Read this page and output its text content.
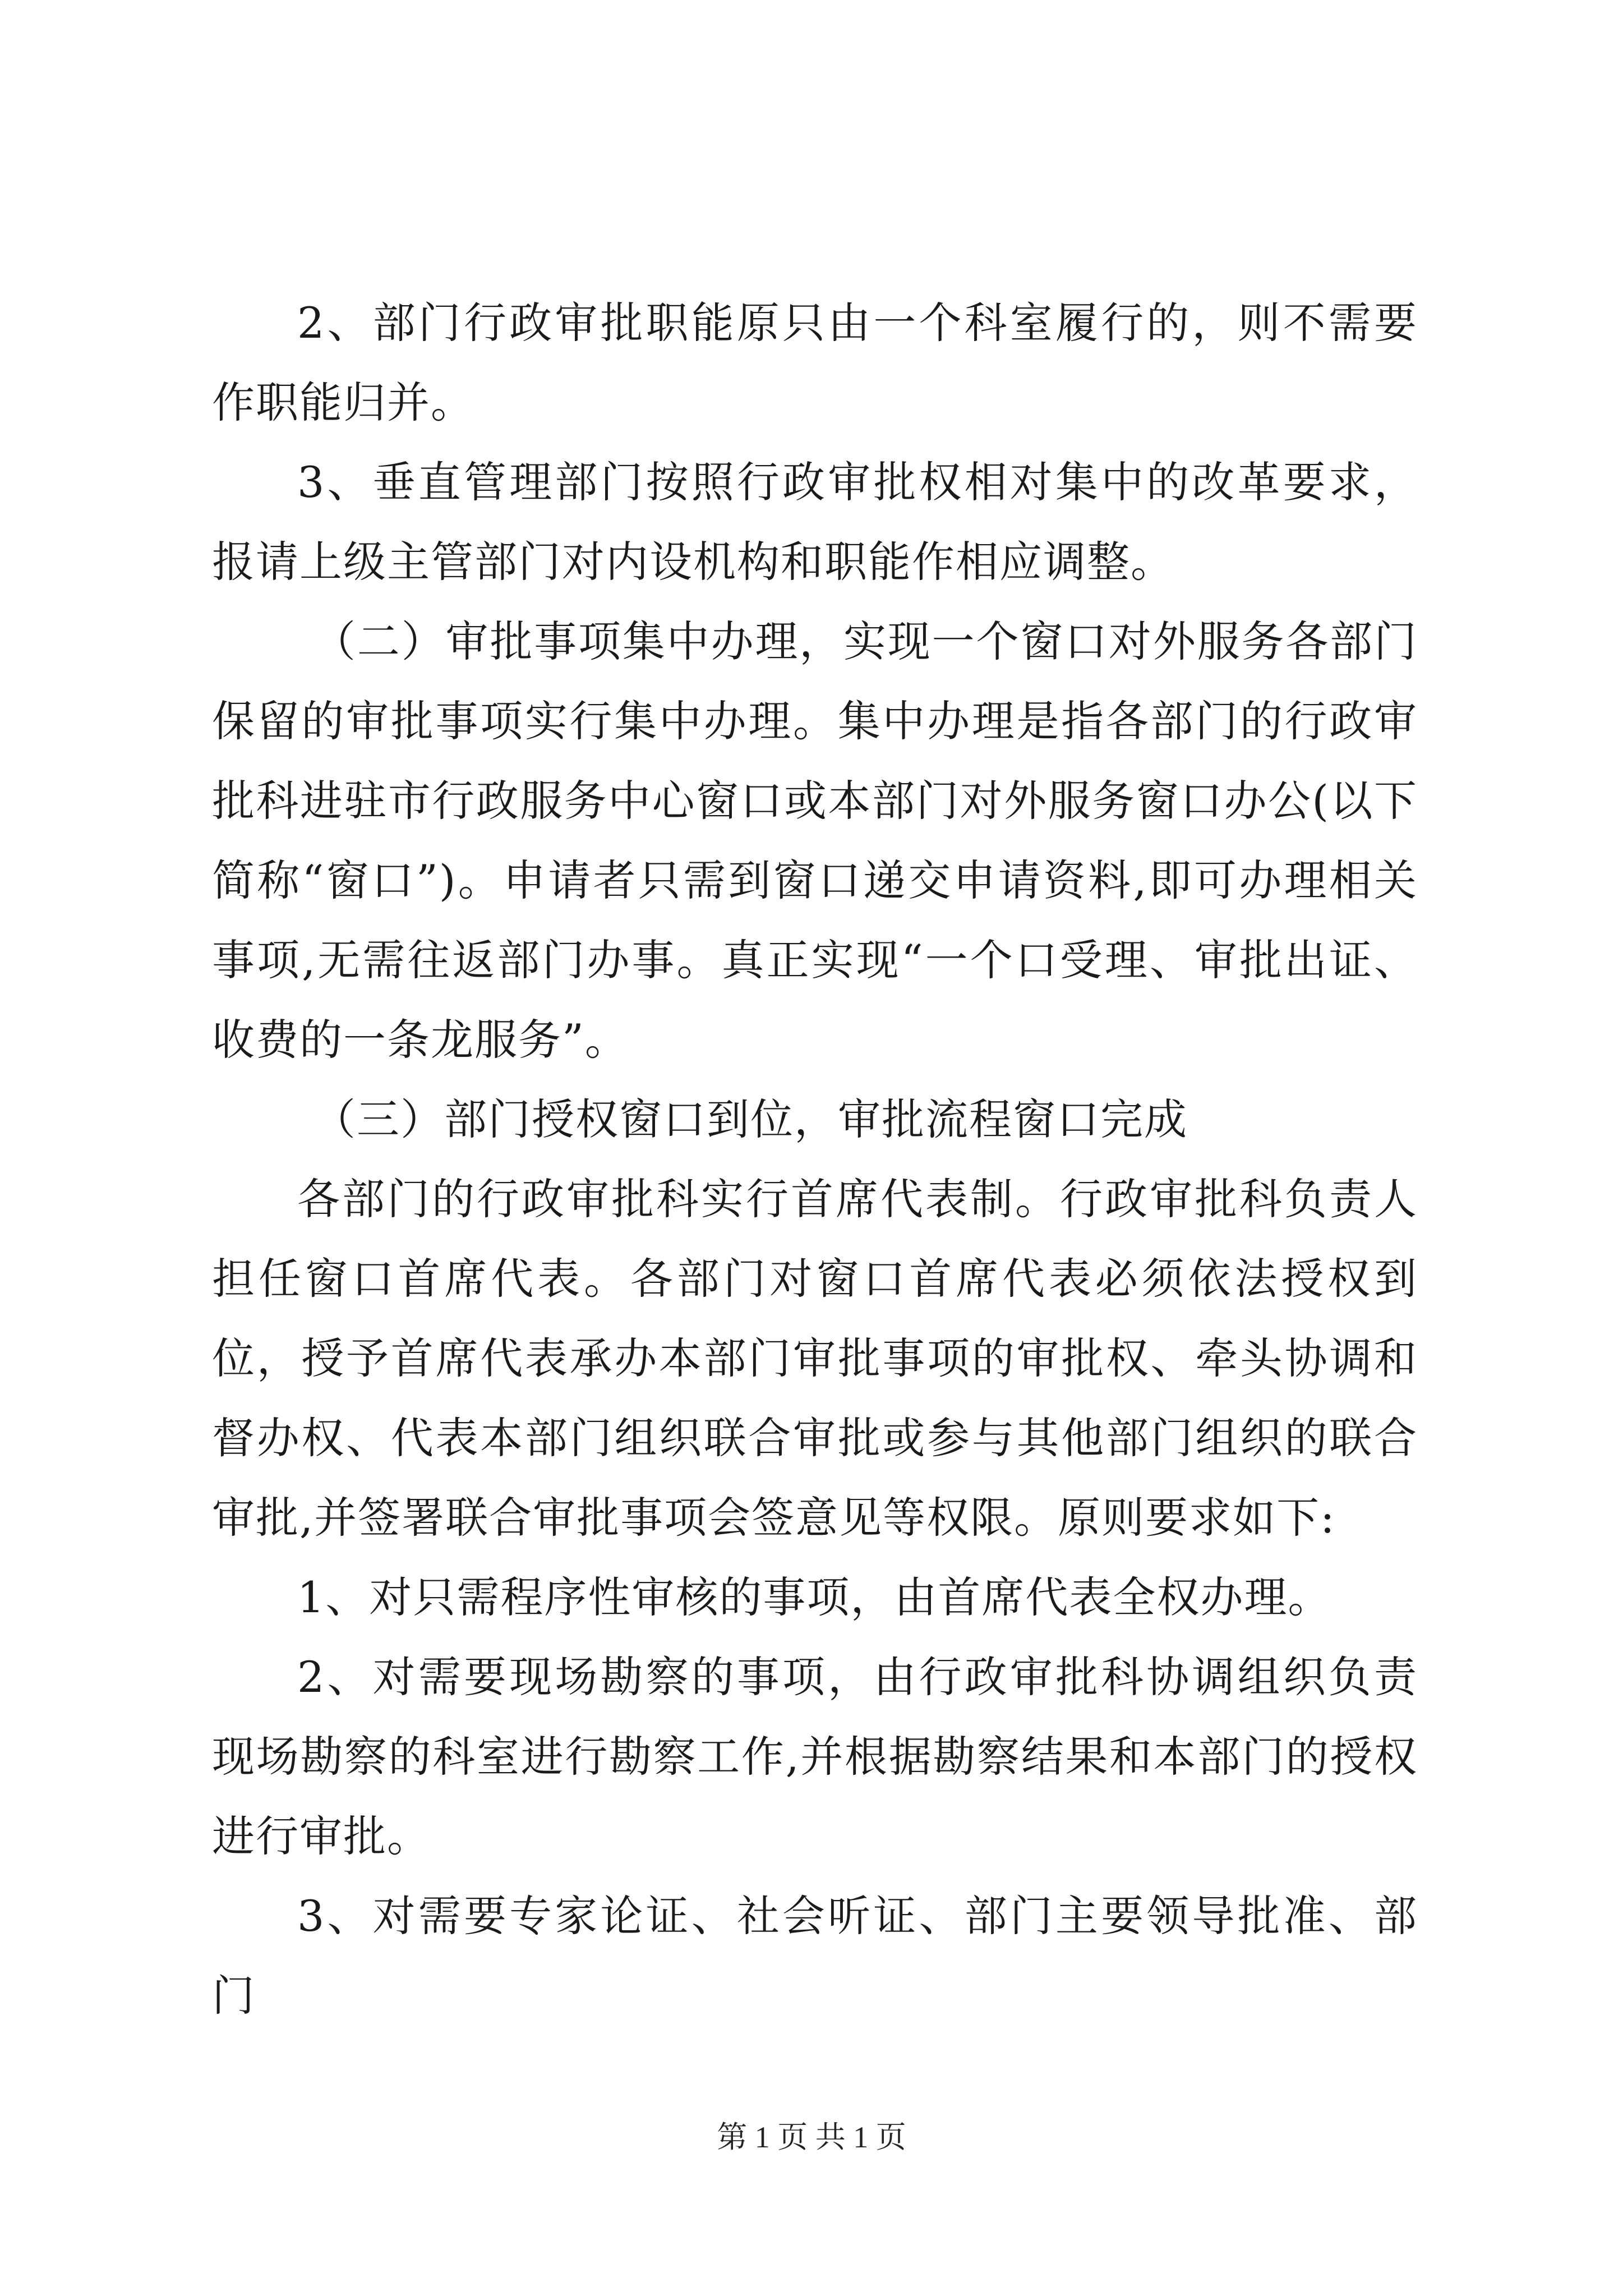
2、部门行政审批职能原只由一个科室履行的，则不需要作职能归并。

3、垂直管理部门按照行政审批权相对集中的改革要求，报请上级主管部门对内设机构和职能作相应调整。

（二）审批事项集中办理，实现一个窗口对外服务各部门保留的审批事项实行集中办理。集中办理是指各部门的行政审批科进驻市行政服务中心窗口或本部门对外服务窗口办公(以下简称“窗口”)。申请者只需到窗口递交申请资料,即可办理相关事项,无需往返部门办事。真正实现“一个口受理、审批出证、收费的一条龙服务”。

（三）部门授权窗口到位，审批流程窗口完成

各部门的行政审批科实行首席代表制。行政审批科负责人担任窗口首席代表。各部门对窗口首席代表必须依法授权到位，授予首席代表承办本部门审批事项的审批权、牵头协调和督办权、代表本部门组织联合审批或参与其他部门组织的联合审批,并签署联合审批事项会签意见等权限。原则要求如下:

1、对只需程序性审核的事项，由首席代表全权办理。

2、对需要现场勘察的事项，由行政审批科协调组织负责现场勘察的科室进行勘察工作,并根据勘察结果和本部门的授权进行审批。

3、对需要专家论证、社会听证、部门主要领导批准、部门

第 1 页 共 1 页
